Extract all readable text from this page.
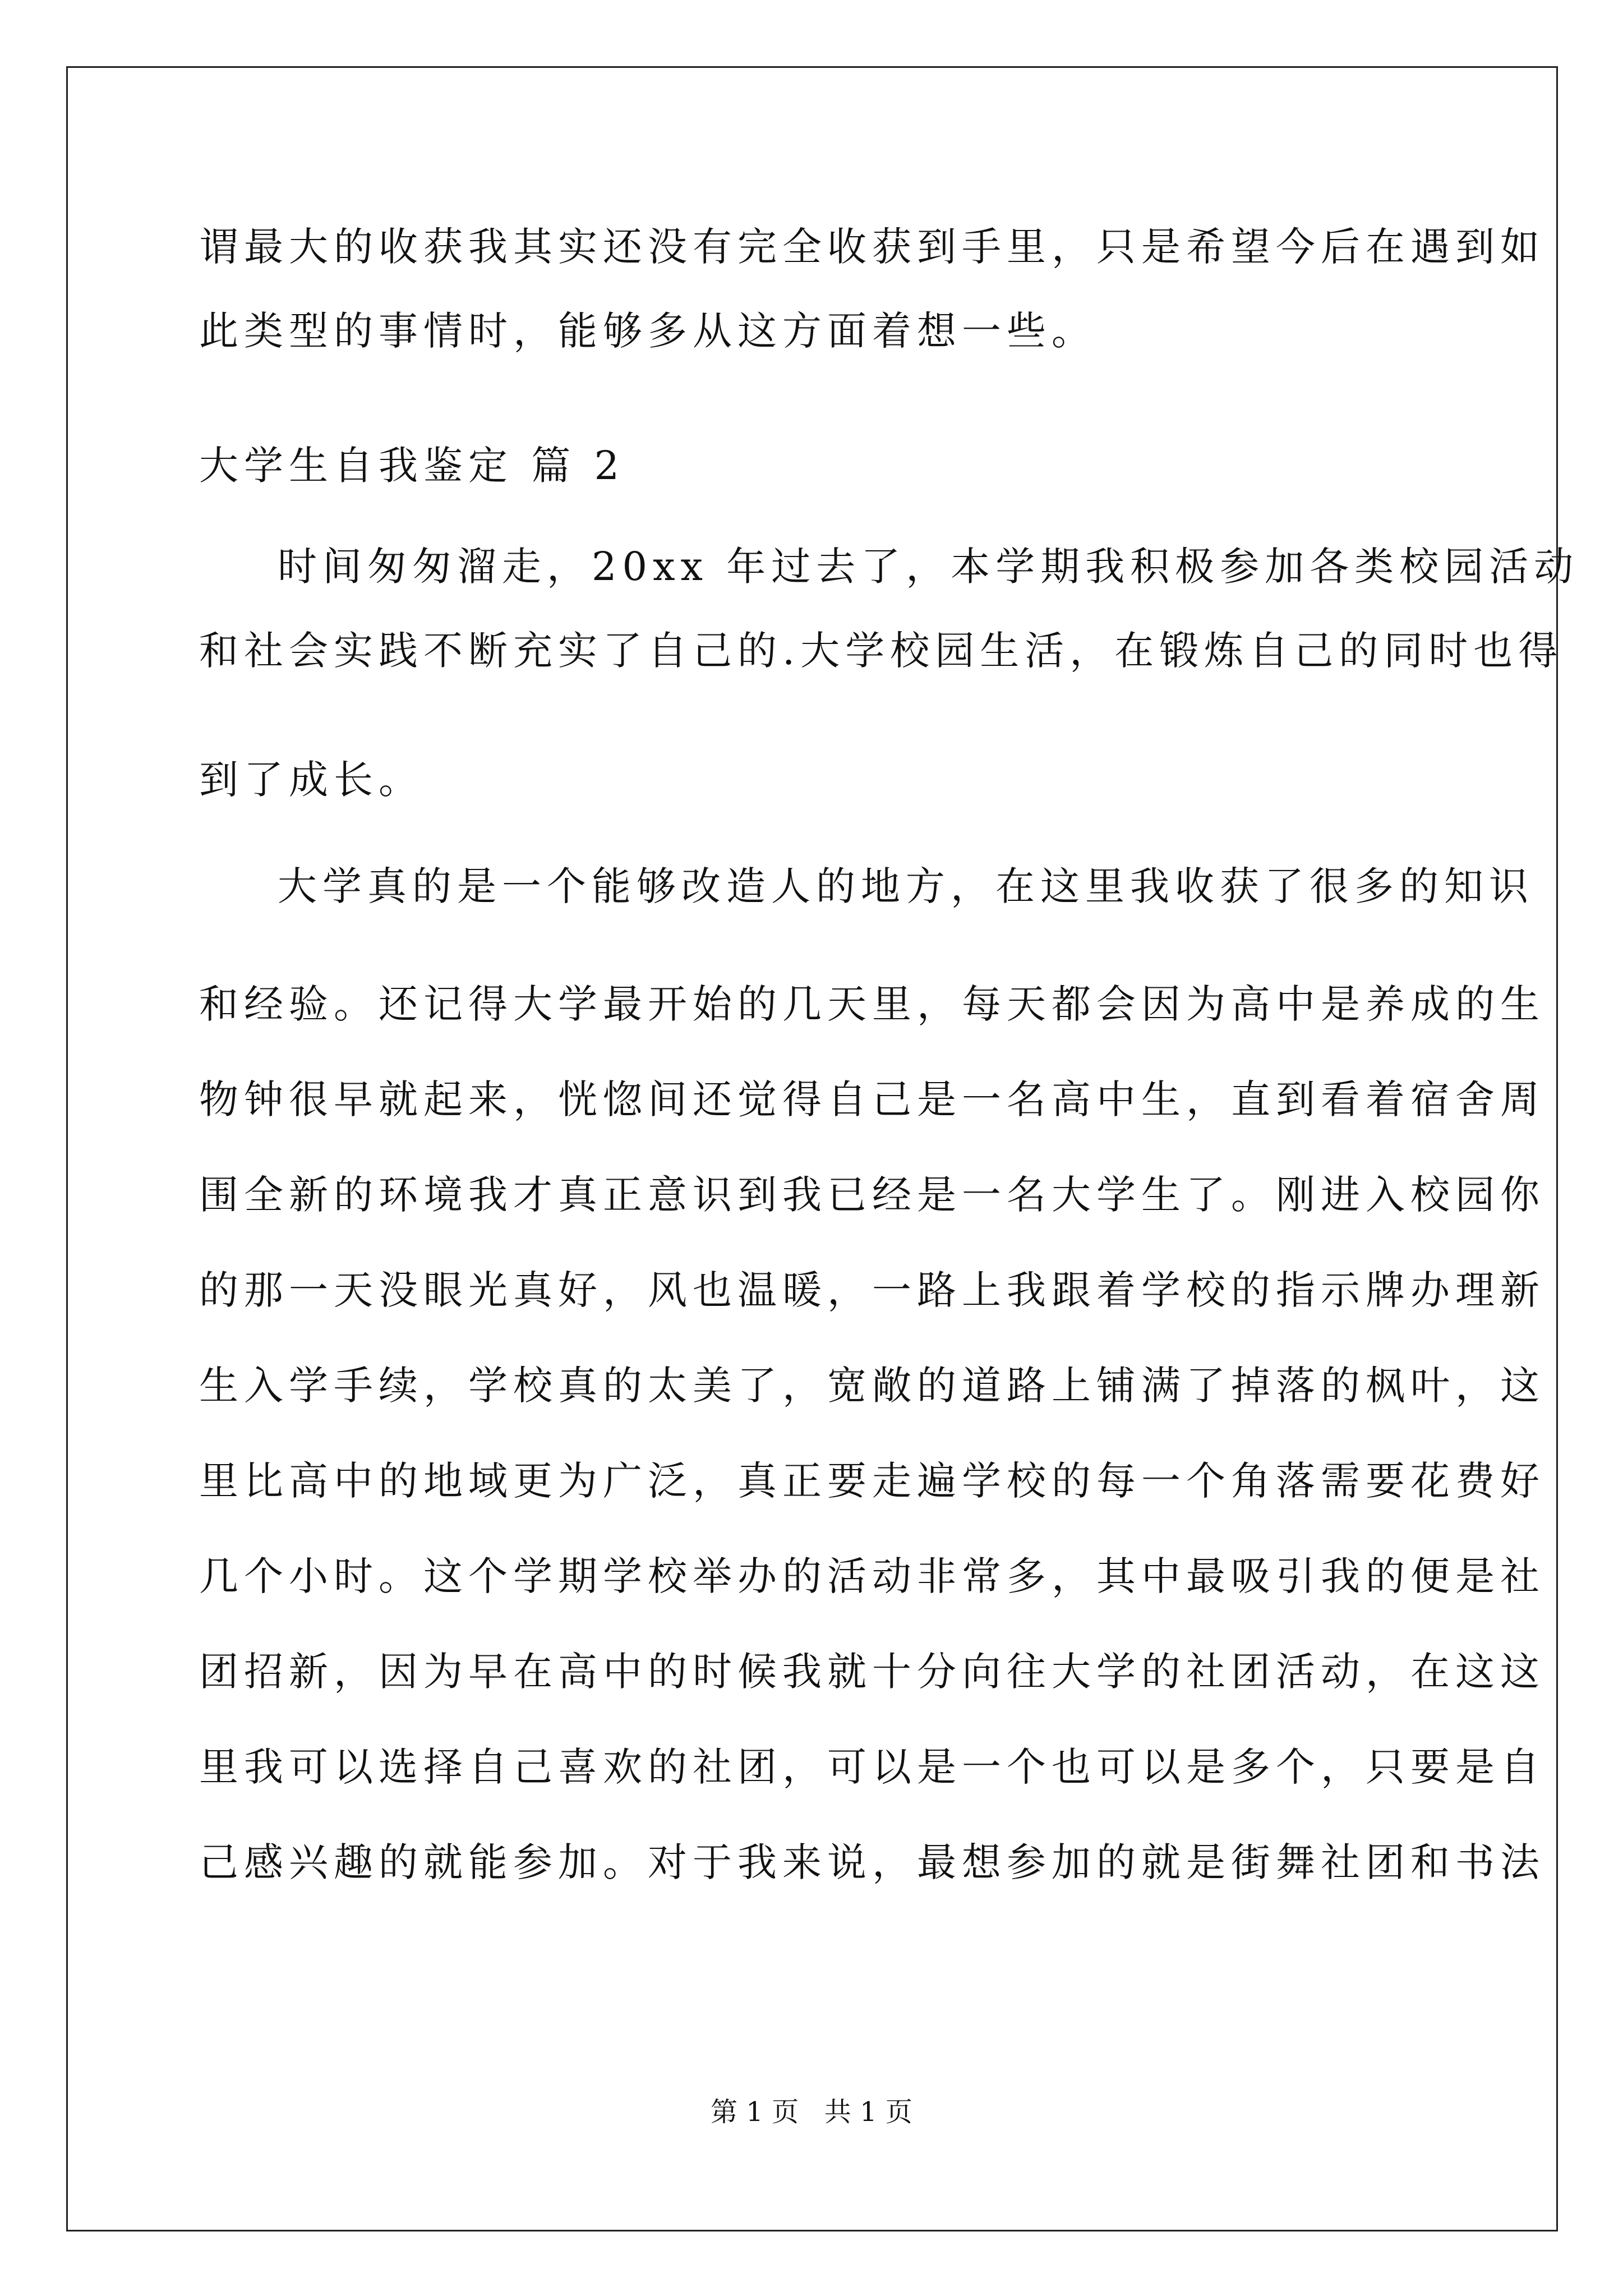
谓最大的收获我其实还没有完全收获到手里，只是希望今后在遇到如
此类型的事情时，能够多从这方面着想一些。
大学生自我鉴定 篇 2
时间匆匆溜走，20xx 年过去了，本学期我积极参加各类校园活动
和社会实践不断充实了自己的.大学校园生活，在锻炼自己的同时也得
到了成长。
大学真的是一个能够改造人的地方，在这里我收获了很多的知识
和经验。还记得大学最开始的几天里，每天都会因为高中是养成的生
物钟很早就起来，恍惚间还觉得自己是一名高中生，直到看着宿舍周
围全新的环境我才真正意识到我已经是一名大学生了。刚进入校园你
的那一天没眼光真好，风也温暖，一路上我跟着学校的指示牌办理新
生入学手续，学校真的太美了，宽敞的道路上铺满了掉落的枫叶，这
里比高中的地域更为广泛，真正要走遍学校的每一个角落需要花费好
几个小时。这个学期学校举办的活动非常多，其中最吸引我的便是社
团招新，因为早在高中的时候我就十分向往大学的社团活动，在这这
里我可以选择自己喜欢的社团，可以是一个也可以是多个，只要是自
己感兴趣的就能参加。对于我来说，最想参加的就是街舞社团和书法
第 1 页   共 1 页
